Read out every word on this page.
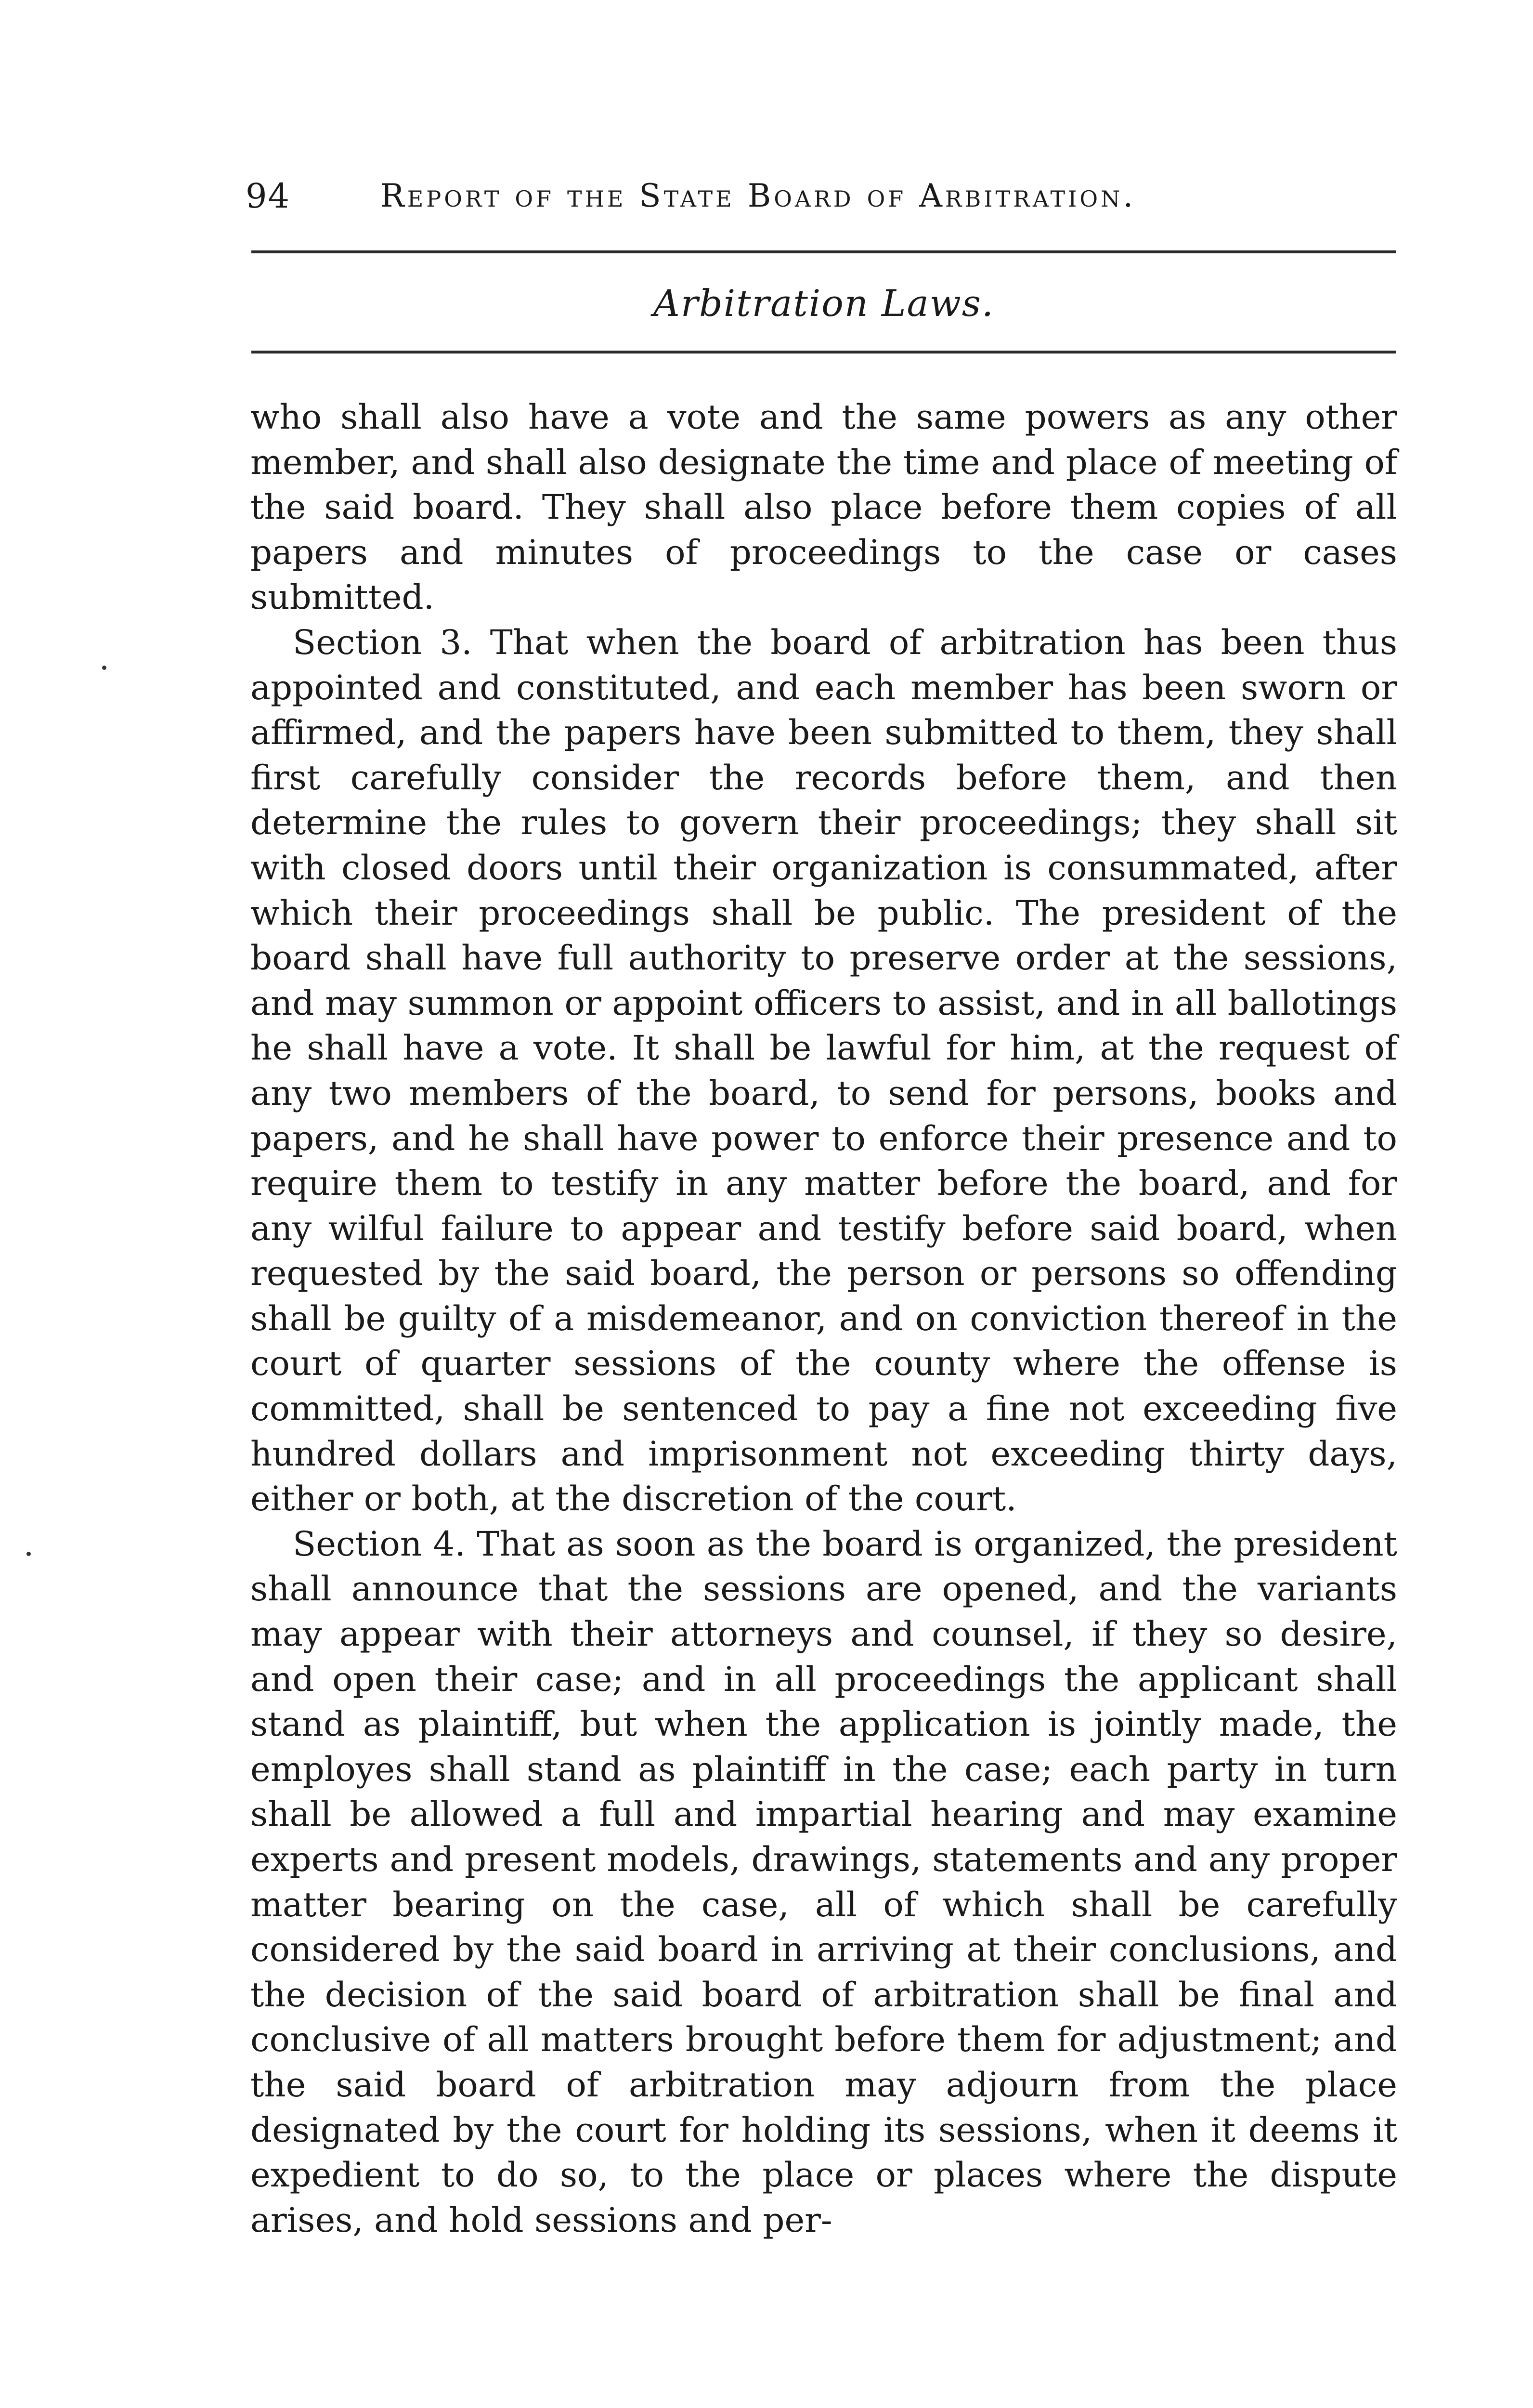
94	Report of the State Board of Arbitration.
Arbitration Laws.

who shall also have a vote and the same powers as any other member, and shall also designate the time and place of meeting of the said board. They shall also place before them copies of all papers and minutes of proceedings to the case or cases submitted.

Section 3. That when the board of arbitration has been thus appointed and constituted, and each member has been sworn or affirmed, and the papers have been submitted to them, they shall first carefully consider the records before them, and then determine the rules to govern their proceedings; they shall sit with closed doors until their organization is consummated, after which their proceedings shall be public. The president of the board shall have full authority to preserve order at the sessions, and may summon or appoint officers to assist, and in all ballotings he shall have a vote. It shall be lawful for him, at the request of any two members of the board, to send for persons, books and papers, and he shall have power to enforce their presence and to require them to testify in any matter before the board, and for any wilful failure to appear and testify before said board, when requested by the said board, the person or persons so offending shall be guilty of a misdemeanor, and on conviction thereof in the court of quarter sessions of the county where the offense is committed, shall be sentenced to pay a fine not exceeding five hundred dollars and imprisonment not exceeding thirty days, either or both, at the discretion of the court.

Section 4. That as soon as the board is organized, the president shall announce that the sessions are opened, and the variants may appear with their attorneys and counsel, if they so desire, and open their case; and in all proceedings the applicant shall stand as plaintiff, but when the application is jointly made, the employes shall stand as plaintiff in the case; each party in turn shall be allowed a full and impartial hearing and may examine experts and present models, drawings, statements and any proper matter bearing on the case, all of which shall be carefully considered by the said board in arriving at their conclusions, and the decision of the said board of arbitration shall be final and conclusive of all matters brought before them for adjustment; and the said board of arbitration may adjourn from the place designated by the court for holding its sessions, when it deems it expedient to do so, to the place or places where the dispute arises, and hold sessions and per-
